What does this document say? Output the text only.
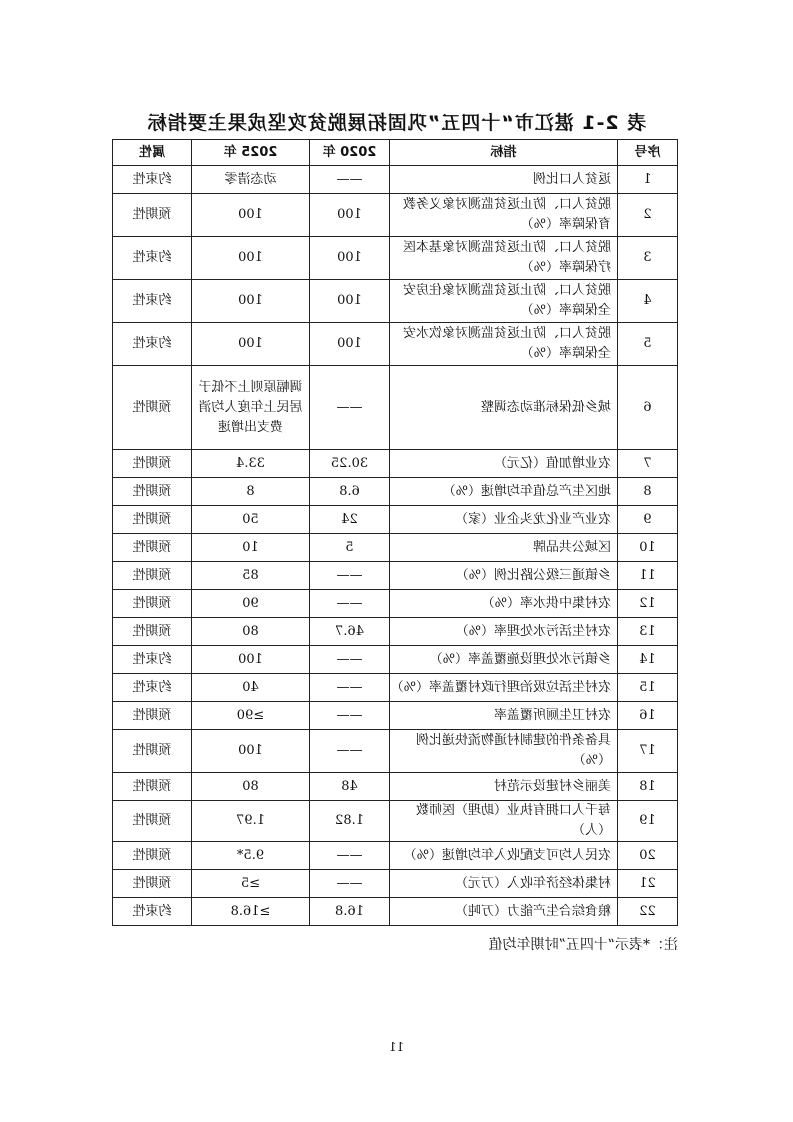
表 2-1 湛江市“十四五”巩固拓展脱贫攻坚成果主要指标
序号	指标	2020 年	2025 年	属性
1	返贫人口比例	——	动态清零	约束性
2	脱贫人口、防止返贫监测对象义务教育保障率（%）	100	100	预期性
3	脱贫人口、防止返贫监测对象基本医疗保障率（%）	100	100	约束性
4	脱贫人口、防止返贫监测对象住房安全保障率（%）	100	100	约束性
5	脱贫人口、防止返贫监测对象饮水安全保障率（%）	100	100	约束性
6	城乡低保标准动态调整	——	调幅原则上不低于居民上年度人均消费支出增速	预期性
7	农业增加值（亿元）	30.25	33.4	预期性
8	地区生产总值年均增速（%）	6.8	8	预期性
9	农业产业化龙头企业（家）	24	50	预期性
10	区域公共品牌	5	10	预期性
11	乡镇通三级公路比例（%）	——	85	预期性
12	农村集中供水率（%）	——	90	预期性
13	农村生活污水处理率（%）	46.7	80	预期性
14	乡镇污水处理设施覆盖率（%）	——	100	约束性
15	农村生活垃圾治理行政村覆盖率（%）	——	40	约束性
16	农村卫生厕所覆盖率	——	≥90	预期性
17	具备条件的建制村通物流快递比例（%）	——	100	预期性
18	美丽乡村建设示范村	48	80	预期性
19	每千人口拥有执业（助理）医师数（人）	1.82	1.97	预期性
20	农民人均可支配收入年均增速（%）	——	9.5*	预期性
21	村集体经济年收入（万元）	——	≥5	预期性
22	粮食综合生产能力（万吨）	16.8	≥16.8	约束性
注：*表示“十四五”时期年均值
11
